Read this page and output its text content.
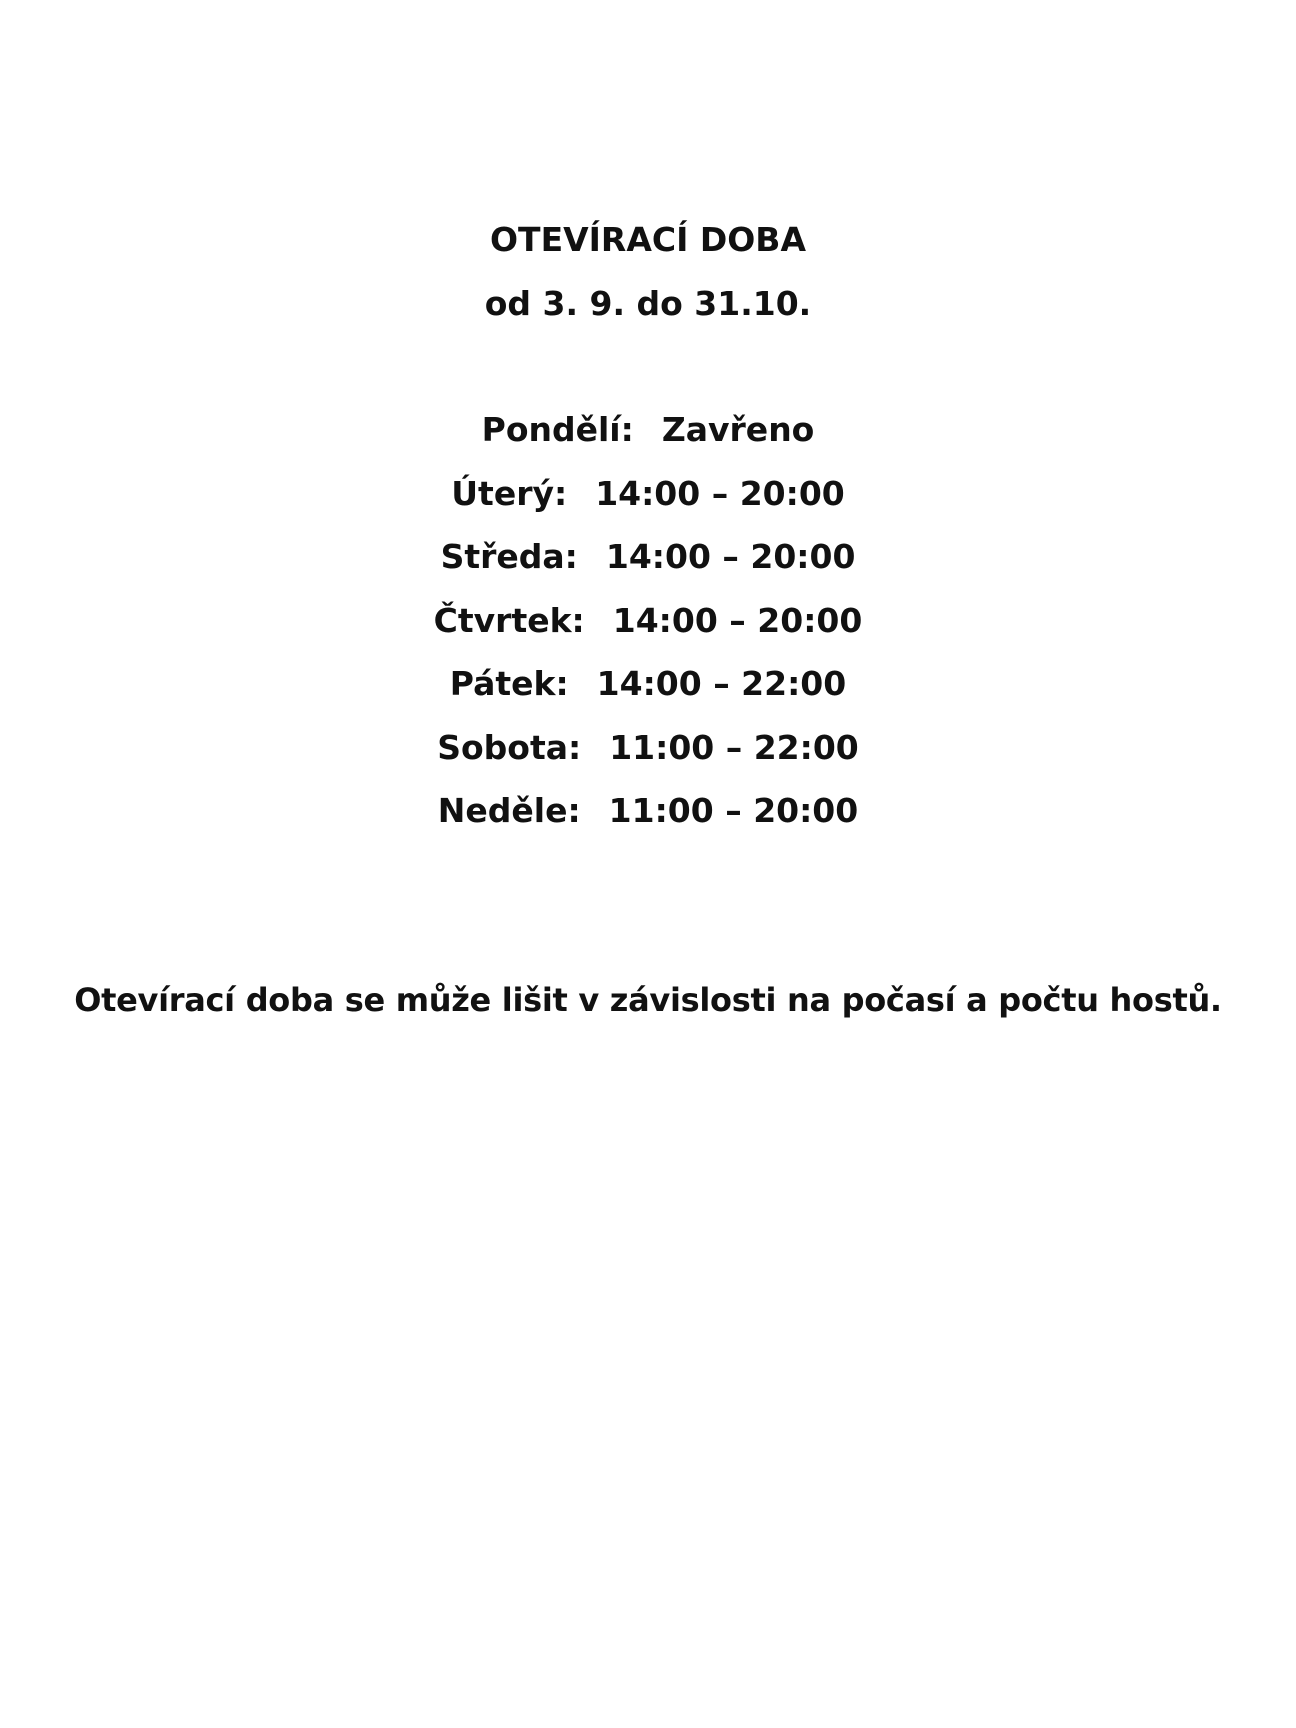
OTEVÍRACÍ DOBA
od 3. 9. do 31.10.
Pondělí: Zavřeno
Úterý: 14:00 – 20:00
Středa: 14:00 – 20:00
Čtvrtek: 14:00 – 20:00
Pátek: 14:00 – 22:00
Sobota: 11:00 – 22:00
Neděle: 11:00 – 20:00
Otevírací doba se může lišit v závislosti na počasí a počtu hostů.
